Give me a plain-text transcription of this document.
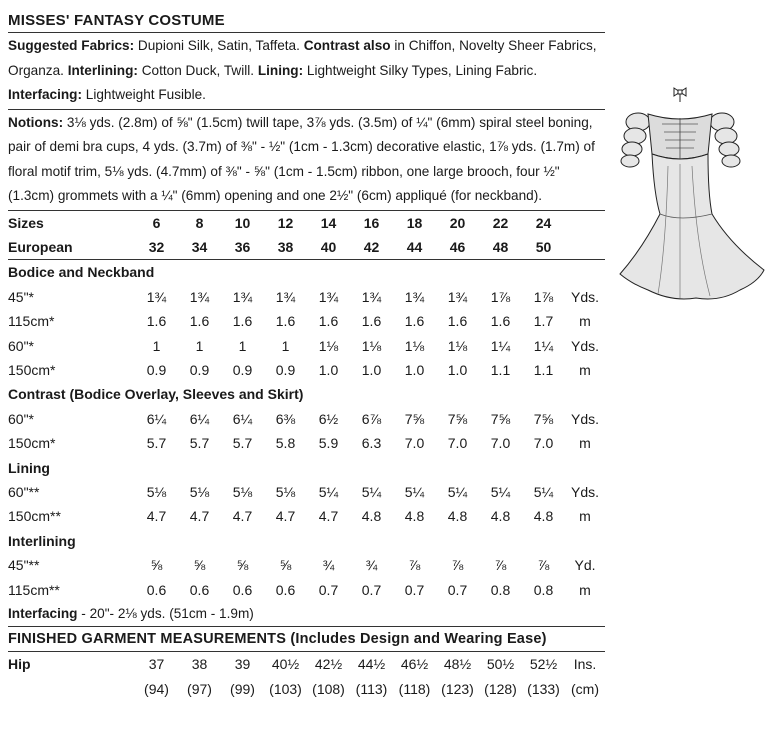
MISSES' FANTASY COSTUME
Suggested Fabrics: Dupioni Silk, Satin, Taffeta. Contrast also in Chiffon, Novelty Sheer Fabrics, Organza. Interlining: Cotton Duck, Twill. Lining: Lightweight Silky Types, Lining Fabric. Interfacing: Lightweight Fusible.
Notions: 3⅛ yds. (2.8m) of ⅝" (1.5cm) twill tape, 3⅞ yds. (3.5m) of ¼" (6mm) spiral steel boning, pair of demi bra cups, 4 yds. (3.7m) of ⅜" - ½" (1cm - 1.3cm) decorative elastic, 1⅞ yds. (1.7m) of floral motif trim, 5⅛ yds. (4.7mm) of ⅜" - ⅝" (1cm - 1.5cm) ribbon, one large brooch, four ½" (1.3cm) grommets with a ¼" (6mm) opening and one 2½" (6cm) appliqué (for neckband).
Sizes	6	8	10	12	14	16	18	20	22	24	
European	32	34	36	38	40	42	44	46	48	50	

Bodice and Neckband											
45"*	1¾	1¾	1¾	1¾	1¾	1¾	1¾	1¾	1⅞	1⅞	Yds.
115cm*	1.6	1.6	1.6	1.6	1.6	1.6	1.6	1.6	1.6	1.7	m
60"*	1	1	1	1	1⅛	1⅛	1⅛	1⅛	1¼	1¼	Yds.
150cm*	0.9	0.9	0.9	0.9	1.0	1.0	1.0	1.0	1.1	1.1	m
Contrast (Bodice Overlay, Sleeves and Skirt)											
60"*	6¼	6¼	6¼	6⅜	6½	6⅞	7⅝	7⅝	7⅝	7⅝	Yds.
150cm*	5.7	5.7	5.7	5.8	5.9	6.3	7.0	7.0	7.0	7.0	m
Lining											
60"**	5⅛	5⅛	5⅛	5⅛	5¼	5¼	5¼	5¼	5¼	5¼	Yds.
150cm**	4.7	4.7	4.7	4.7	4.7	4.8	4.8	4.8	4.8	4.8	m
Interlining											
45"**	⅝	⅝	⅝	⅝	¾	¾	⅞	⅞	⅞	⅞	Yd.
115cm**	0.6	0.6	0.6	0.6	0.7	0.7	0.7	0.7	0.8	0.8	m
Interfacing - 20"- 2⅛ yds. (51cm - 1.9m)
FINISHED GARMENT MEASUREMENTS (Includes Design and Wearing Ease)
Hip	37	38	39	40½	42½	44½	46½	48½	50½	52½	Ins.
	(94)	(97)	(99)	(103)	(108)	(113)	(118)	(123)	(128)	(133)	(cm)
